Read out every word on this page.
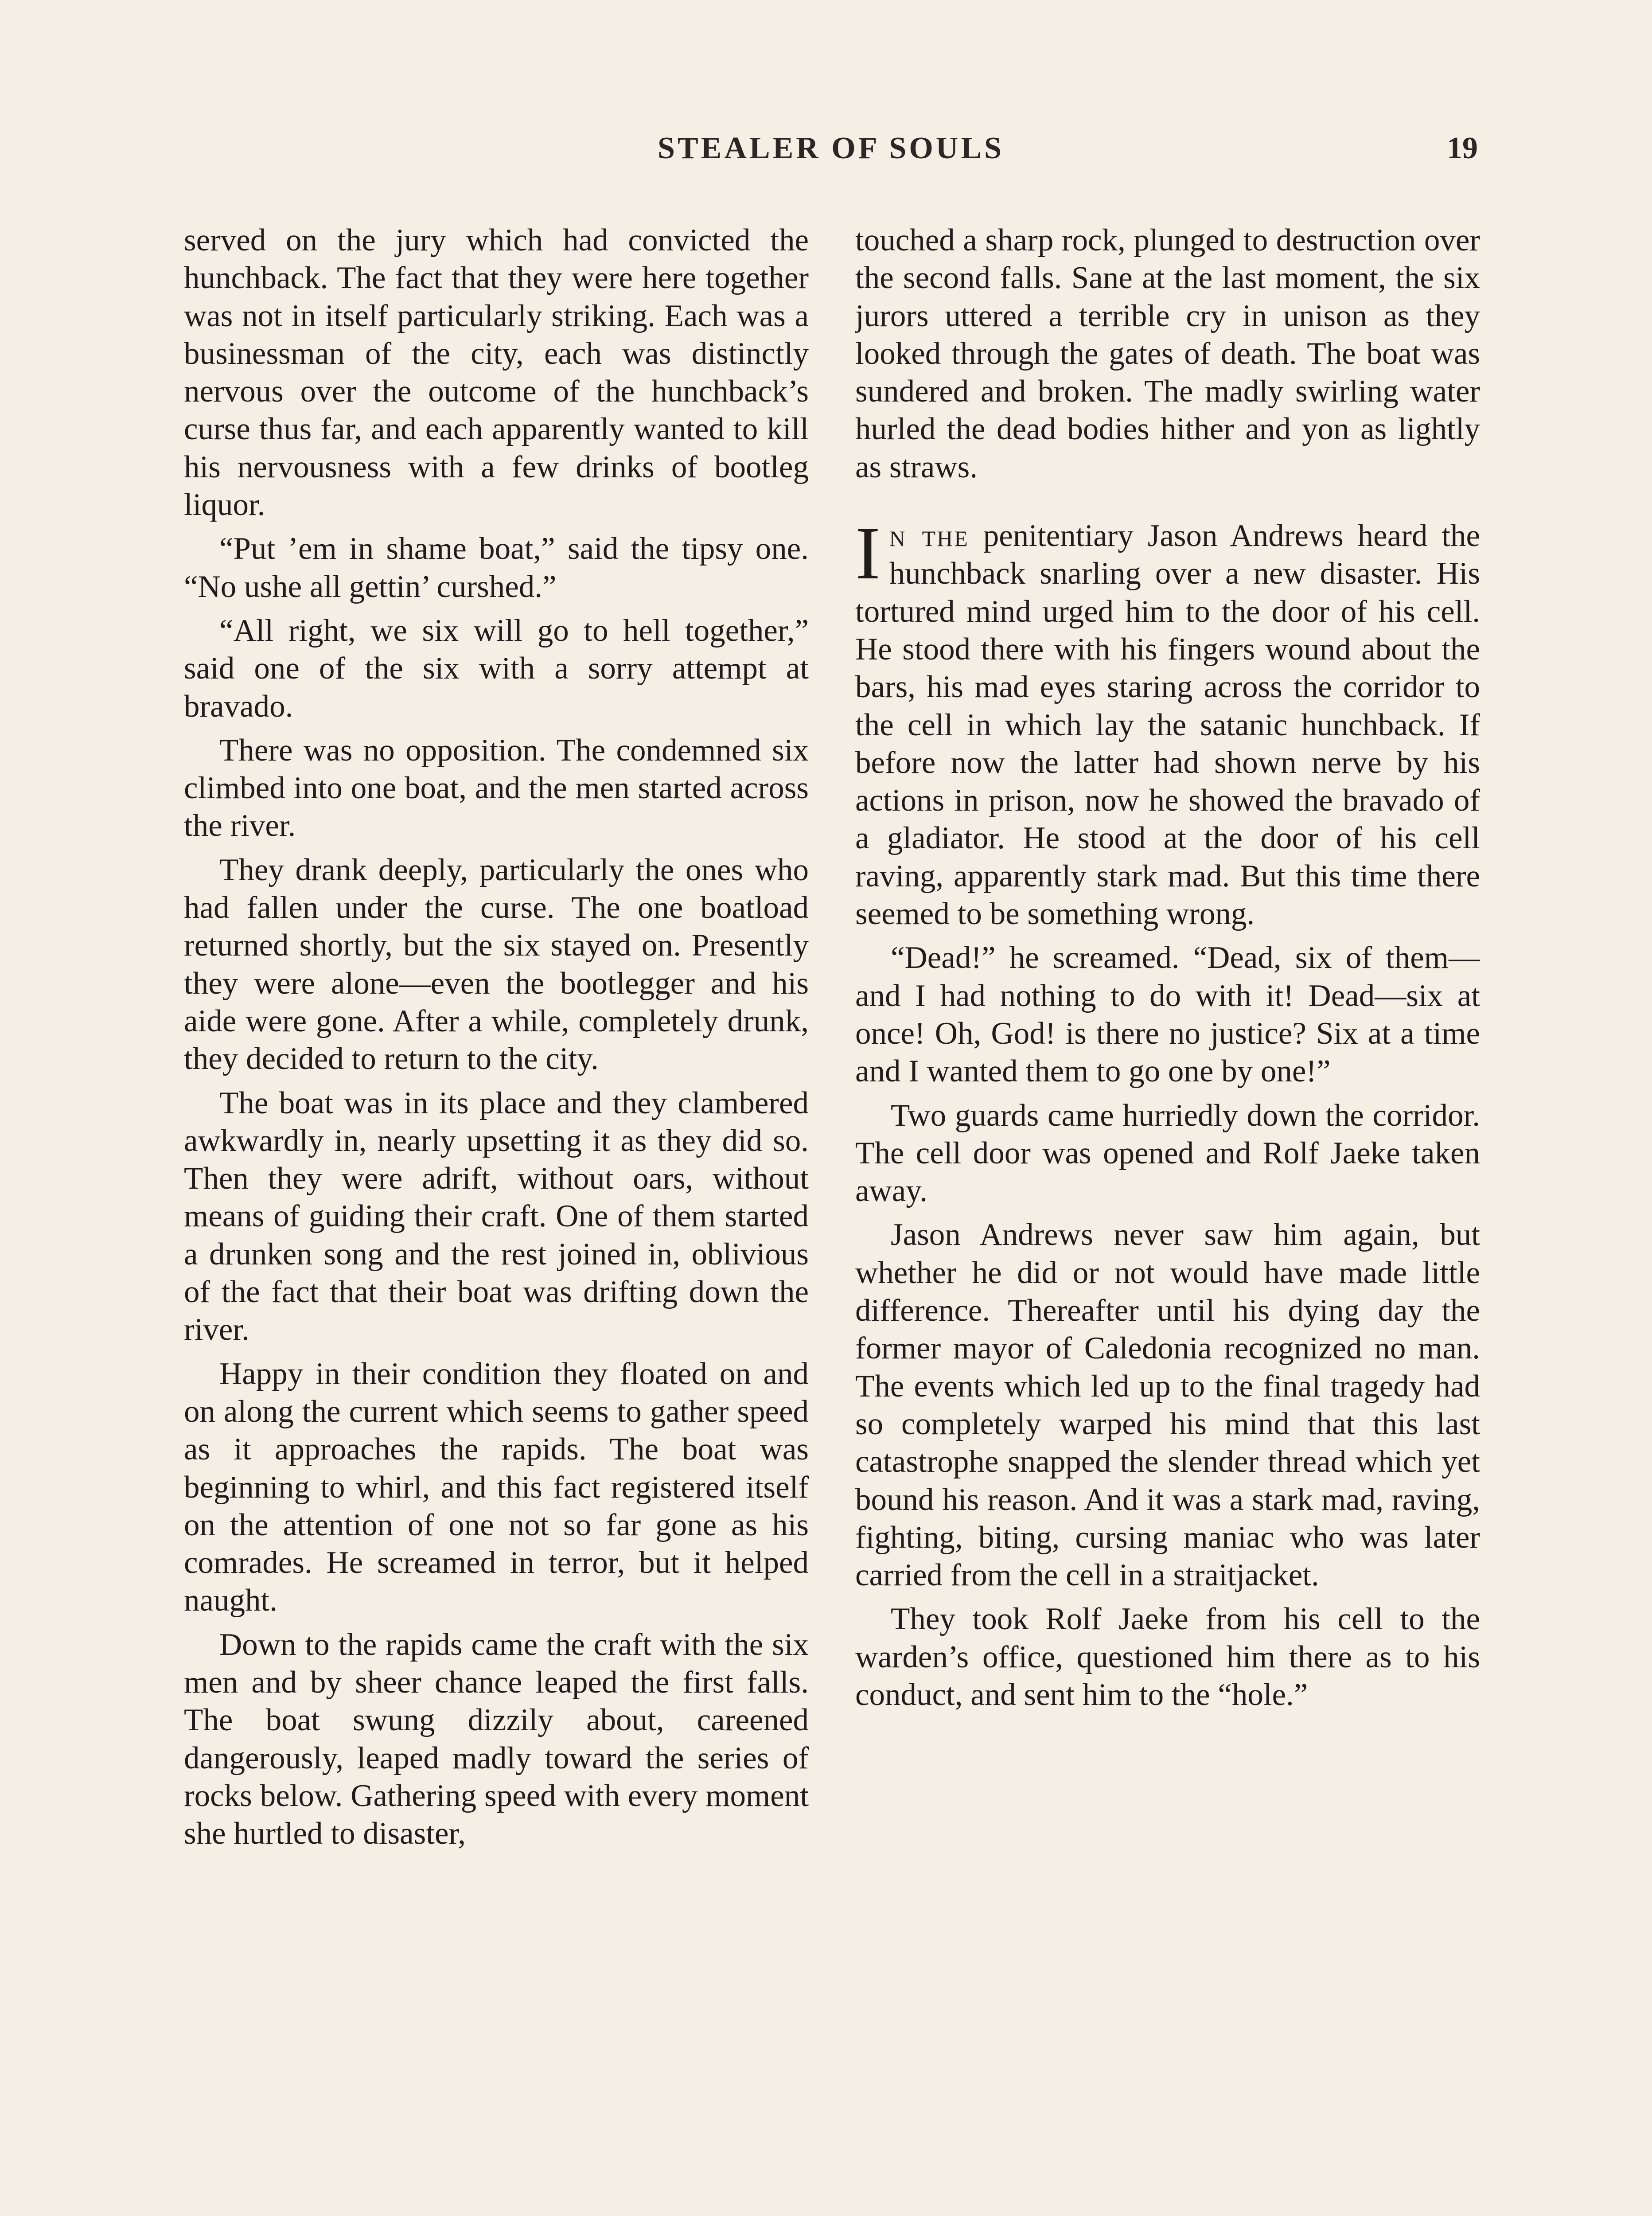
STEALER OF SOULS	19

served on the jury which had convicted the hunchback. The fact that they were here together was not in itself particularly striking. Each was a businessman of the city, each was distinctly nervous over the outcome of the hunchback’s curse thus far, and each apparently wanted to kill his nervousness with a few drinks of bootleg liquor.

“Put ’em in shame boat,” said the tipsy one. “No ushe all gettin’ curshed.”

“All right, we six will go to hell together,” said one of the six with a sorry attempt at bravado.

There was no opposition. The condemned six climbed into one boat, and the men started across the river.

They drank deeply, particularly the ones who had fallen under the curse. The one boatload returned shortly, but the six stayed on. Presently they were alone—even the bootlegger and his aide were gone. After a while, completely drunk, they decided to return to the city.

The boat was in its place and they clambered awkwardly in, nearly upsetting it as they did so. Then they were adrift, without oars, without means of guiding their craft. One of them started a drunken song and the rest joined in, oblivious of the fact that their boat was drifting down the river.

Happy in their condition they floated on and on along the current which seems to gather speed as it approaches the rapids. The boat was beginning to whirl, and this fact registered itself on the attention of one not so far gone as his comrades. He screamed in terror, but it helped naught.

Down to the rapids came the craft with the six men and by sheer chance leaped the first falls. The boat swung dizzily about, careened dangerously, leaped madly toward the series of rocks below. Gathering speed with every moment she hurtled to disaster,

touched a sharp rock, plunged to destruction over the second falls. Sane at the last moment, the six jurors uttered a terrible cry in unison as they looked through the gates of death. The boat was sundered and broken. The madly swirling water hurled the dead bodies hither and yon as lightly as straws.

In the penitentiary Jason Andrews heard the hunchback snarling over a new disaster. His tortured mind urged him to the door of his cell. He stood there with his fingers wound about the bars, his mad eyes staring across the corridor to the cell in which lay the satanic hunchback. If before now the latter had shown nerve by his actions in prison, now he showed the bravado of a gladiator. He stood at the door of his cell raving, apparently stark mad. But this time there seemed to be something wrong.

“Dead!” he screamed. “Dead, six of them—and I had nothing to do with it! Dead—six at once! Oh, God! is there no justice? Six at a time and I wanted them to go one by one!”

Two guards came hurriedly down the corridor. The cell door was opened and Rolf Jaeke taken away.

Jason Andrews never saw him again, but whether he did or not would have made little difference. Thereafter until his dying day the former mayor of Caledonia recognized no man. The events which led up to the final tragedy had so completely warped his mind that this last catastrophe snapped the slender thread which yet bound his reason. And it was a stark mad, raving, fighting, biting, cursing maniac who was later carried from the cell in a straitjacket.

They took Rolf Jaeke from his cell to the warden’s office, questioned him there as to his conduct, and sent him to the “hole.”
